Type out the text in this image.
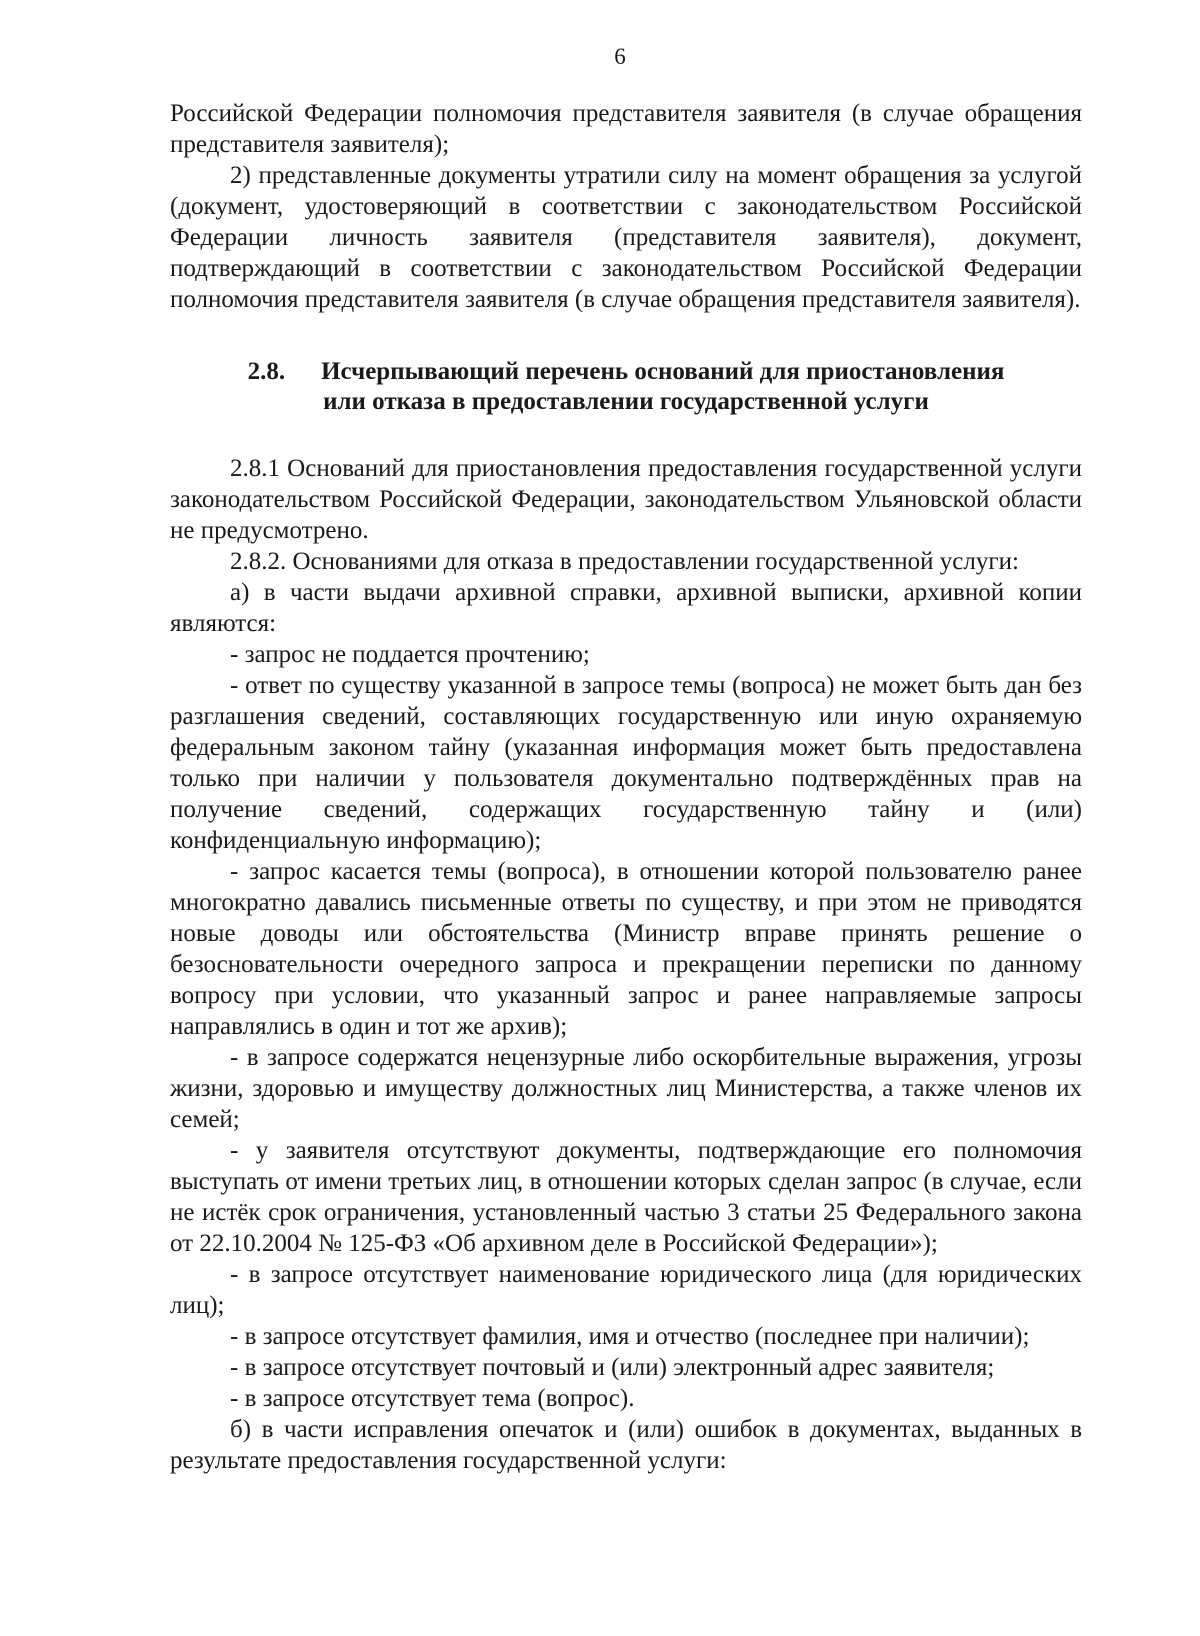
6

Российской Федерации полномочия представителя заявителя (в случае обращения представителя заявителя);

2) представленные документы утратили силу на момент обращения за услугой (документ, удостоверяющий в соответствии с законодательством Российской Федерации личность заявителя (представителя заявителя), документ, подтверждающий в соответствии с законодательством Российской Федерации полномочия представителя заявителя (в случае обращения представителя заявителя).

2.8. Исчерпывающий перечень оснований для приостановления

или отказа в предоставлении государственной услуги

2.8.1 Оснований для приостановления предоставления государственной услуги законодательством Российской Федерации, законодательством Ульяновской области не предусмотрено.

2.8.2. Основаниями для отказа в предоставлении государственной услуги:

а) в части выдачи архивной справки, архивной выписки, архивной копии являются:

- запрос не поддается прочтению;

- ответ по существу указанной в запросе темы (вопроса) не может быть дан без разглашения сведений, составляющих государственную или иную охраняемую федеральным законом тайну (указанная информация может быть предоставлена только при наличии у пользователя документально подтверждённых прав на получение сведений, содержащих государственную тайну и (или) конфиденциальную информацию);

- запрос касается темы (вопроса), в отношении которой пользователю ранее многократно давались письменные ответы по существу, и при этом не приводятся новые доводы или обстоятельства (Министр вправе принять решение о безосновательности очередного запроса и прекращении переписки по данному вопросу при условии, что указанный запрос и ранее направляемые запросы направлялись в один и тот же архив);

- в запросе содержатся нецензурные либо оскорбительные выражения, угрозы жизни, здоровью и имуществу должностных лиц Министерства, а также членов их семей;

- у заявителя отсутствуют документы, подтверждающие его полномочия выступать от имени третьих лиц, в отношении которых сделан запрос (в случае, если не истёк срок ограничения, установленный частью 3 статьи 25 Федерального закона от 22.10.2004 № 125-ФЗ «Об архивном деле в Российской Федерации»);

- в запросе отсутствует наименование юридического лица (для юридических лиц);

- в запросе отсутствует фамилия, имя и отчество (последнее при наличии);

- в запросе отсутствует почтовый и (или) электронный адрес заявителя;

- в запросе отсутствует тема (вопрос).

б) в части исправления опечаток и (или) ошибок в документах, выданных в результате предоставления государственной услуги:
